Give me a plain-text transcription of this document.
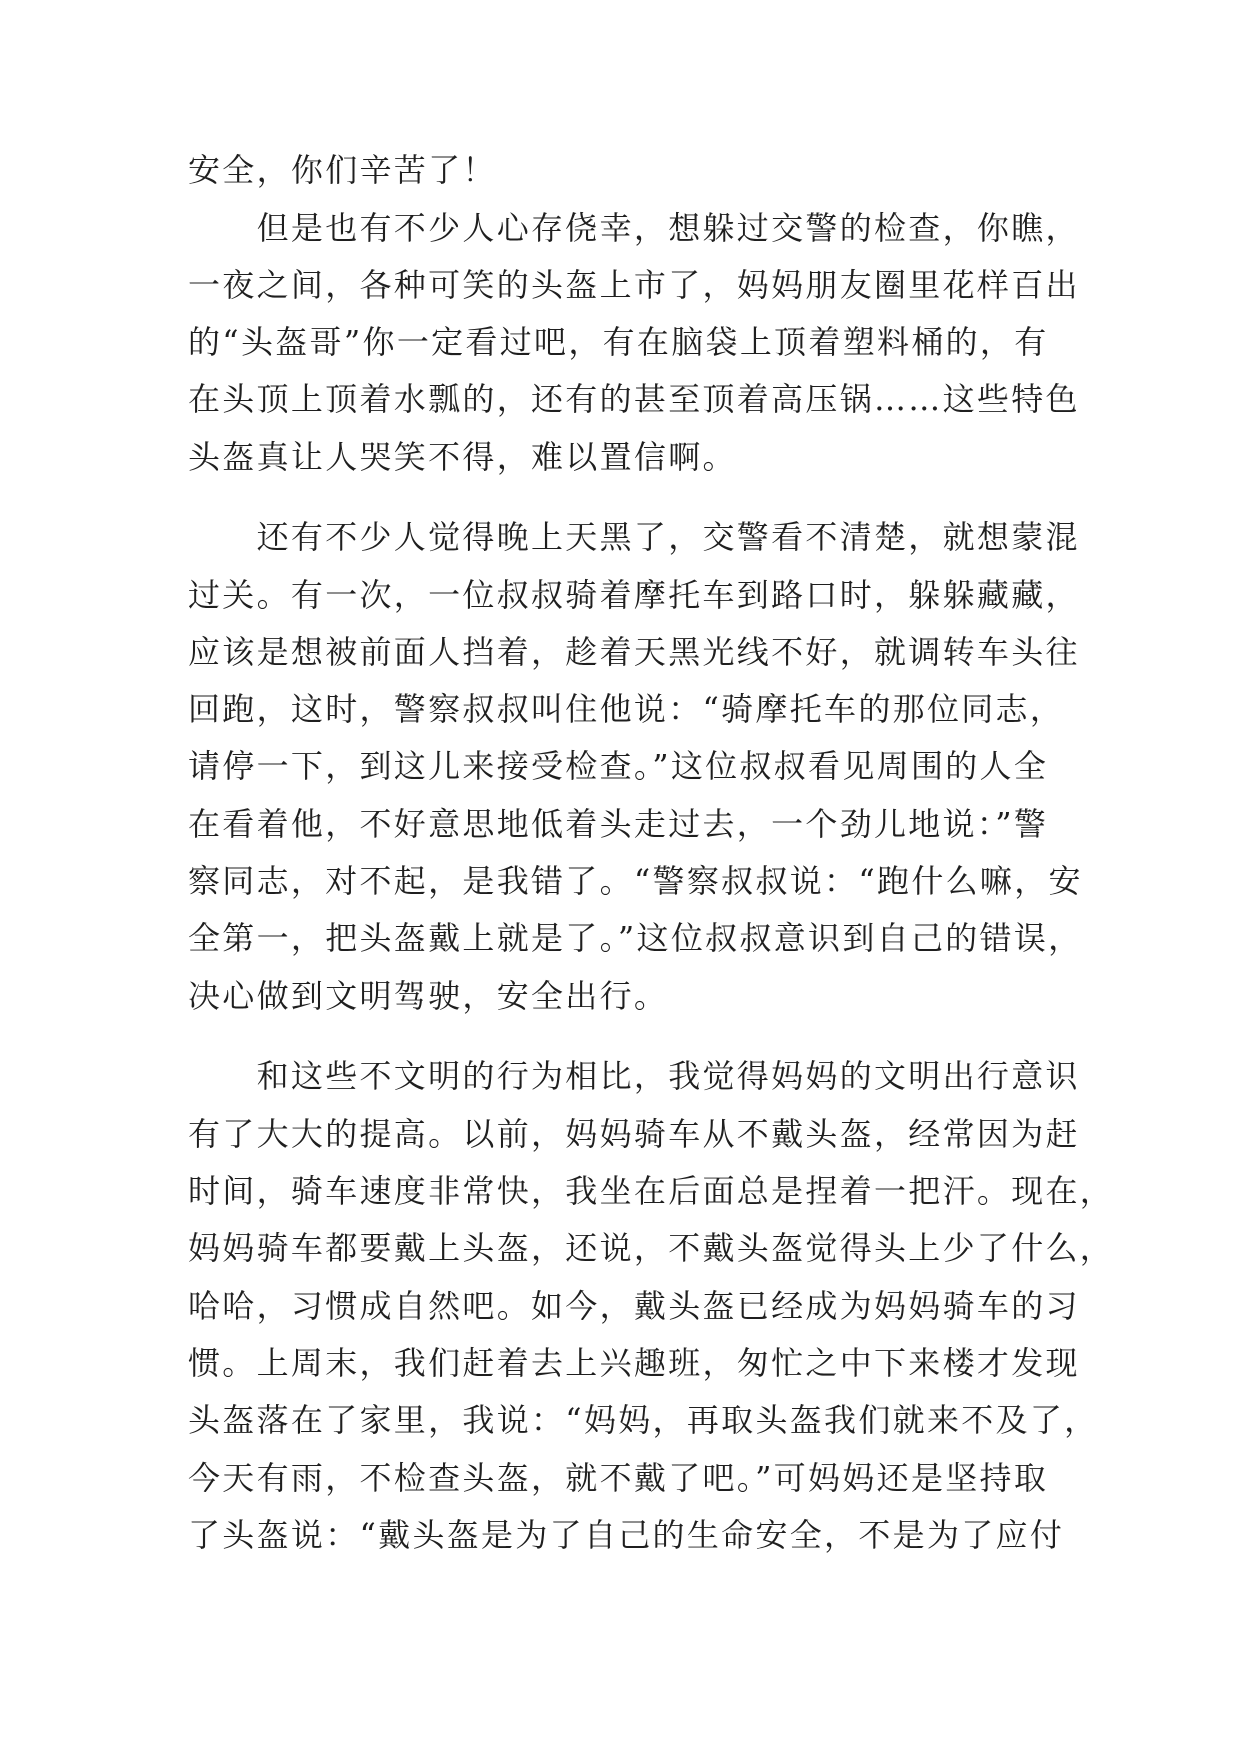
安全，你们辛苦了！
　　但是也有不少人心存侥幸，想躲过交警的检查，你瞧，
一夜之间，各种可笑的头盔上市了，妈妈朋友圈里花样百出
的“头盔哥”你一定看过吧，有在脑袋上顶着塑料桶的，有
在头顶上顶着水瓢的，还有的甚至顶着高压锅……这些特色
头盔真让人哭笑不得，难以置信啊。
　　还有不少人觉得晚上天黑了，交警看不清楚，就想蒙混
过关。有一次，一位叔叔骑着摩托车到路口时，躲躲藏藏，
应该是想被前面人挡着，趁着天黑光线不好，就调转车头往
回跑，这时，警察叔叔叫住他说：“骑摩托车的那位同志，
请停一下，到这儿来接受检查。”这位叔叔看见周围的人全
在看着他，不好意思地低着头走过去，一个劲儿地说：”警
察同志，对不起，是我错了。“警察叔叔说：“跑什么嘛，安
全第一，把头盔戴上就是了。”这位叔叔意识到自己的错误，
决心做到文明驾驶，安全出行。
　　和这些不文明的行为相比，我觉得妈妈的文明出行意识
有了大大的提高。以前，妈妈骑车从不戴头盔，经常因为赶
时间，骑车速度非常快，我坐在后面总是捏着一把汗。现在，
妈妈骑车都要戴上头盔，还说，不戴头盔觉得头上少了什么，
哈哈，习惯成自然吧。如今，戴头盔已经成为妈妈骑车的习
惯。上周末，我们赶着去上兴趣班，匆忙之中下来楼才发现
头盔落在了家里，我说：“妈妈，再取头盔我们就来不及了，
今天有雨，不检查头盔，就不戴了吧。”可妈妈还是坚持取
了头盔说：“戴头盔是为了自己的生命安全，不是为了应付
